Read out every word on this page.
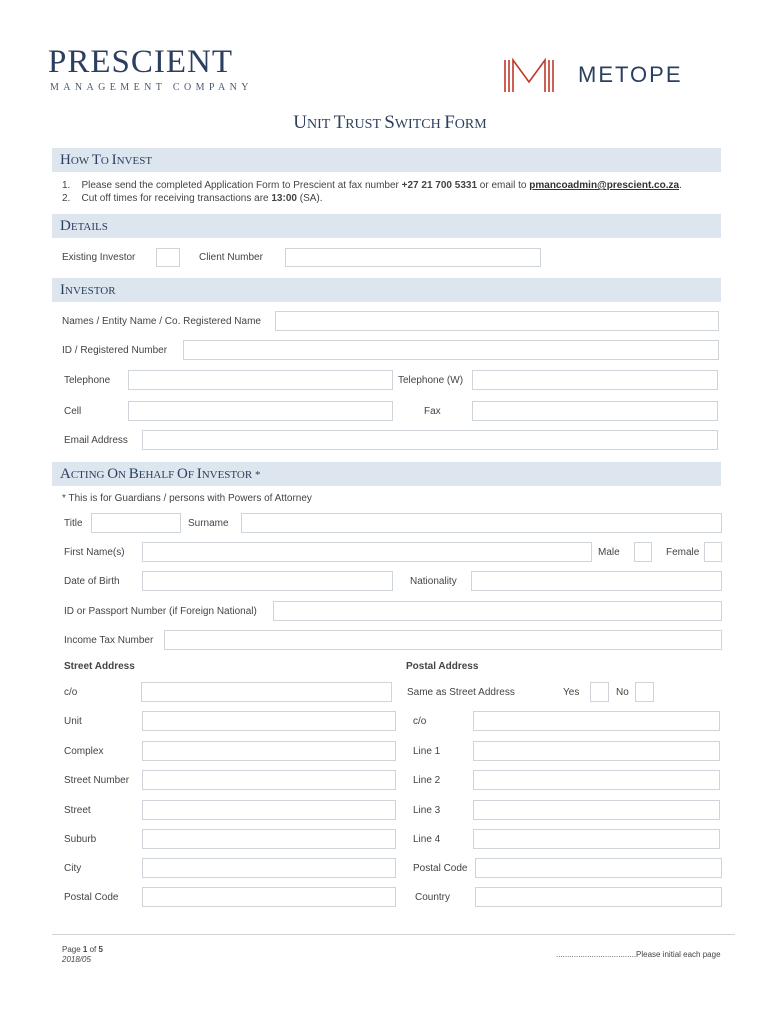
PRESCIENT
MANAGEMENT COMPANY
METOPE
UNIT TRUST SWITCH FORM
HOW TO INVEST
1. Please send the completed Application Form to Prescient at fax number +27 21 700 5331 or email to pmancoadmin@prescient.co.za.
2. Cut off times for receiving transactions are 13:00 (SA).
DETAILS
Existing Investor	Client Number
INVESTOR
Names / Entity Name / Co. Registered Name
ID / Registered Number
Telephone	Telephone (W)
Cell	Fax
Email Address
ACTING ON BEHALF OF INVESTOR *
* This is for Guardians / persons with Powers of Attorney
Title	Surname
First Name(s)	Male	Female
Date of Birth	Nationality
ID or Passport Number (if Foreign National)
Income Tax Number
Street Address	Postal Address
c/o	Same as Street Address	Yes	No
Unit	c/o
Complex	Line 1
Street Number	Line 2
Street	Line 3
Suburb	Line 4
City	Postal Code
Postal Code	Country
Page 1 of 5
2018/05
....................................Please initial each page
